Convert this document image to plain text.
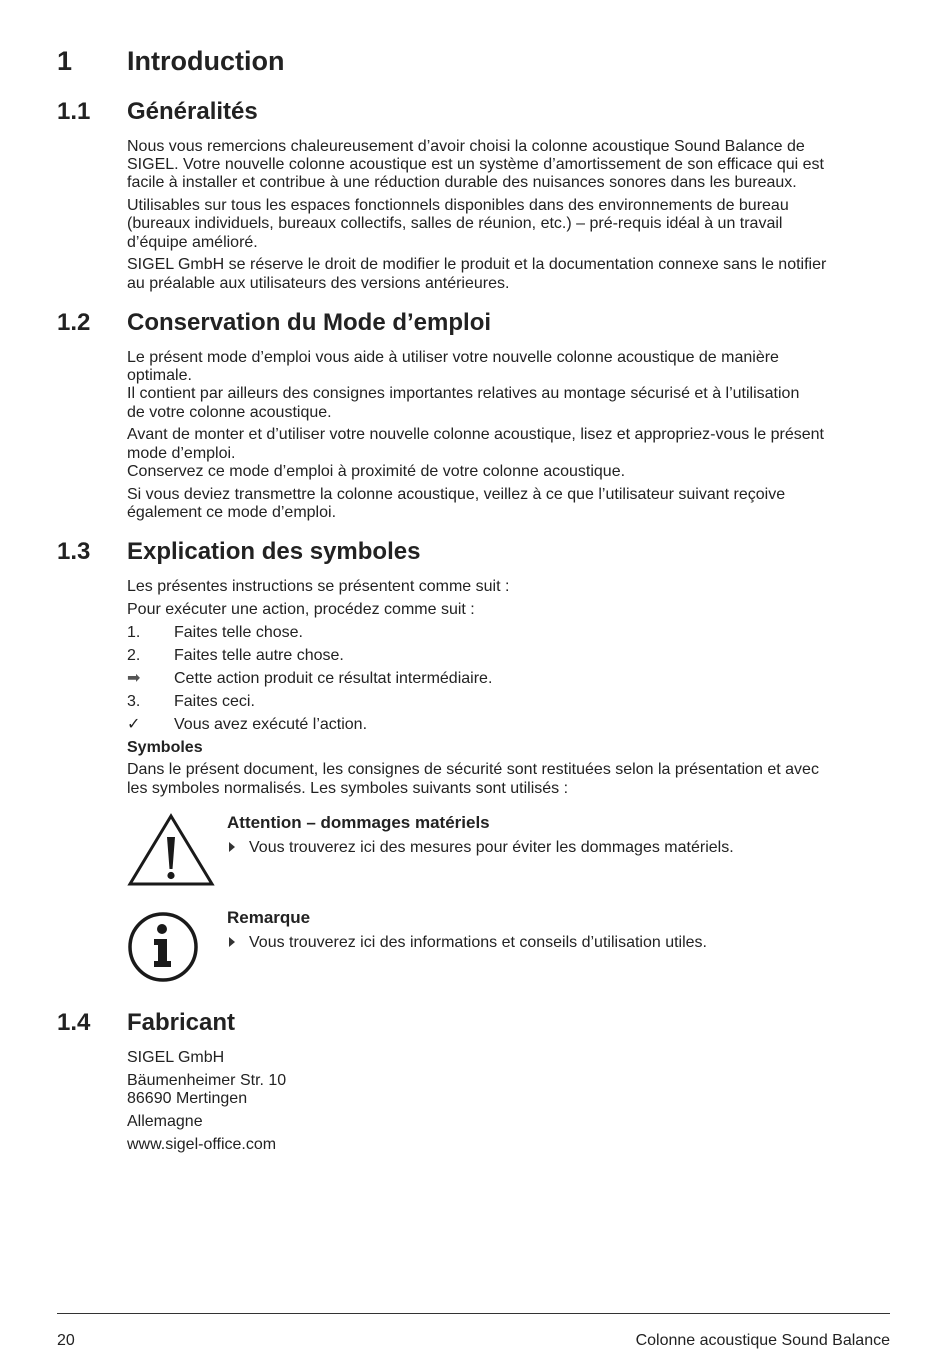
1 Introduction
1.1 Généralités
Nous vous remercions chaleureusement d’avoir choisi la colonne acoustique Sound Balance de
SIGEL. Votre nouvelle colonne acoustique est un système d’amortissement de son efficace qui est
facile à installer et contribue à une réduction durable des nuisances sonores dans les bureaux.
Utilisables sur tous les espaces fonctionnels disponibles dans des environnements de bureau
(bureaux individuels, bureaux collectifs, salles de réunion, etc.) – pré-requis idéal à un travail
d’équipe amélioré.
SIGEL GmbH se réserve le droit de modifier le produit et la documentation connexe sans le notifier
au préalable aux utilisateurs des versions antérieures.
1.2 Conservation du Mode d’emploi
Le présent mode d’emploi vous aide à utiliser votre nouvelle colonne acoustique de manière
optimale.
Il contient par ailleurs des consignes importantes relatives au montage sécurisé et à l’utilisation
de votre colonne acoustique.
Avant de monter et d’utiliser votre nouvelle colonne acoustique, lisez et appropriez-vous le présent
mode d’emploi.
Conservez ce mode d’emploi à proximité de votre colonne acoustique.
Si vous deviez transmettre la colonne acoustique, veillez à ce que l’utilisateur suivant reçoive
également ce mode d’emploi.
1.3 Explication des symboles
Les présentes instructions se présentent comme suit :
Pour exécuter une action, procédez comme suit :
1. Faites telle chose.
2. Faites telle autre chose.
➡ Cette action produit ce résultat intermédiaire.
3. Faites ceci.
✓ Vous avez exécuté l’action.
Symboles
Dans le présent document, les consignes de sécurité sont restituées selon la présentation et avec
les symboles normalisés. Les symboles suivants sont utilisés :
Attention – dommages matériels
Vous trouverez ici des mesures pour éviter les dommages matériels.
Remarque
Vous trouverez ici des informations et conseils d’utilisation utiles.
1.4 Fabricant
SIGEL GmbH
Bäumenheimer Str. 10
86690 Mertingen
Allemagne
www.sigel-office.com
20	Colonne acoustique Sound Balance
